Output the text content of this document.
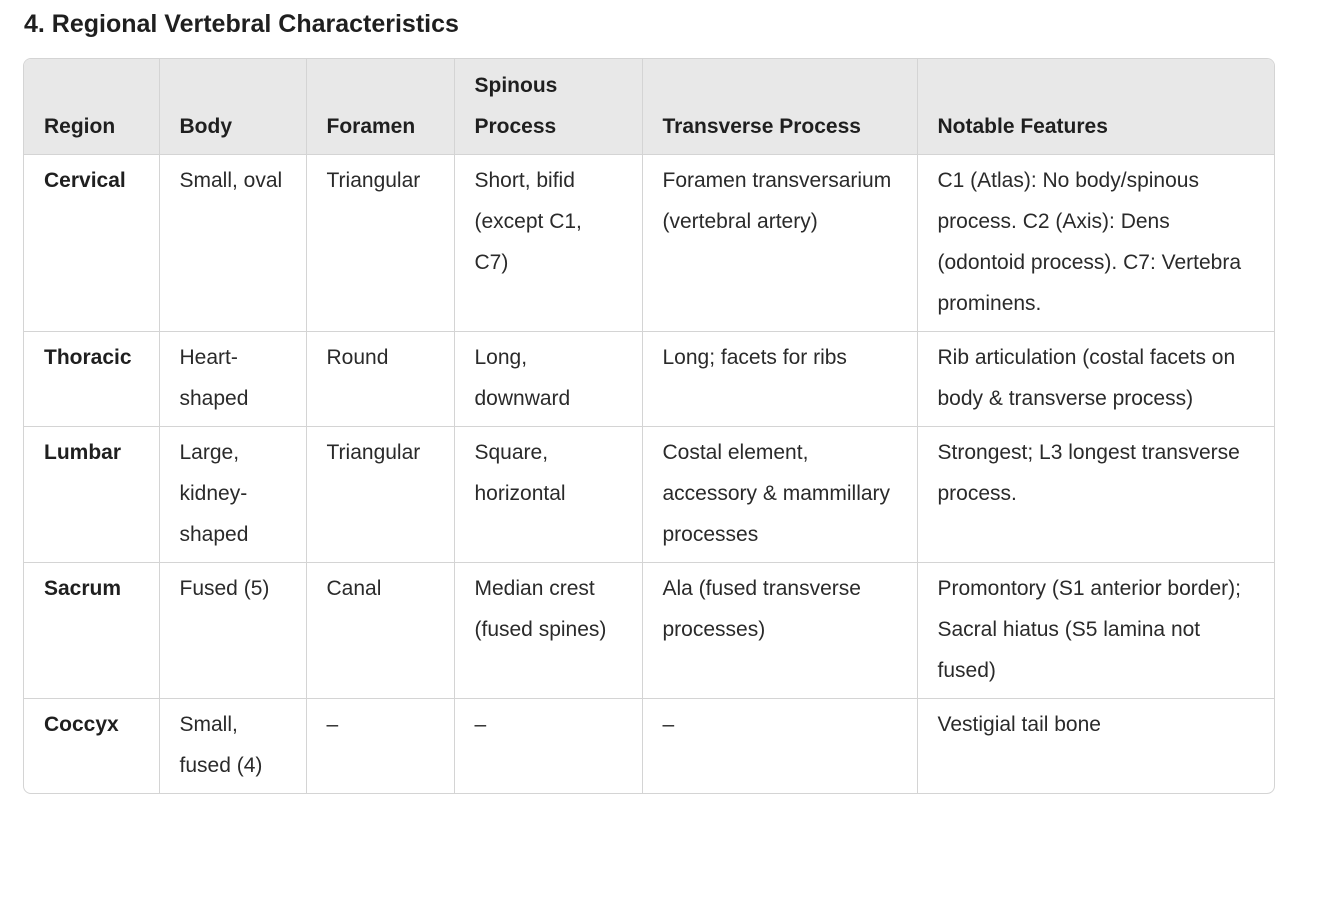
4. Regional Vertebral Characteristics
Region	Body	Foramen	Spinous Process	Transverse Process	Notable Features
Cervical	Small, oval	Triangular	Short, bifid (except C1, C7)	Foramen transversarium (vertebral artery)	C1 (Atlas): No body/spinous process. C2 (Axis): Dens (odontoid process). C7: Vertebra prominens.
Thoracic	Heart-shaped	Round	Long, downward	Long; facets for ribs	Rib articulation (costal facets on body & transverse process)
Lumbar	Large, kidney-shaped	Triangular	Square, horizontal	Costal element, accessory & mammillary processes	Strongest; L3 longest transverse process.
Sacrum	Fused (5)	Canal	Median crest (fused spines)	Ala (fused transverse processes)	Promontory (S1 anterior border); Sacral hiatus (S5 lamina not fused)
Coccyx	Small, fused (4)	–	–	–	Vestigial tail bone
